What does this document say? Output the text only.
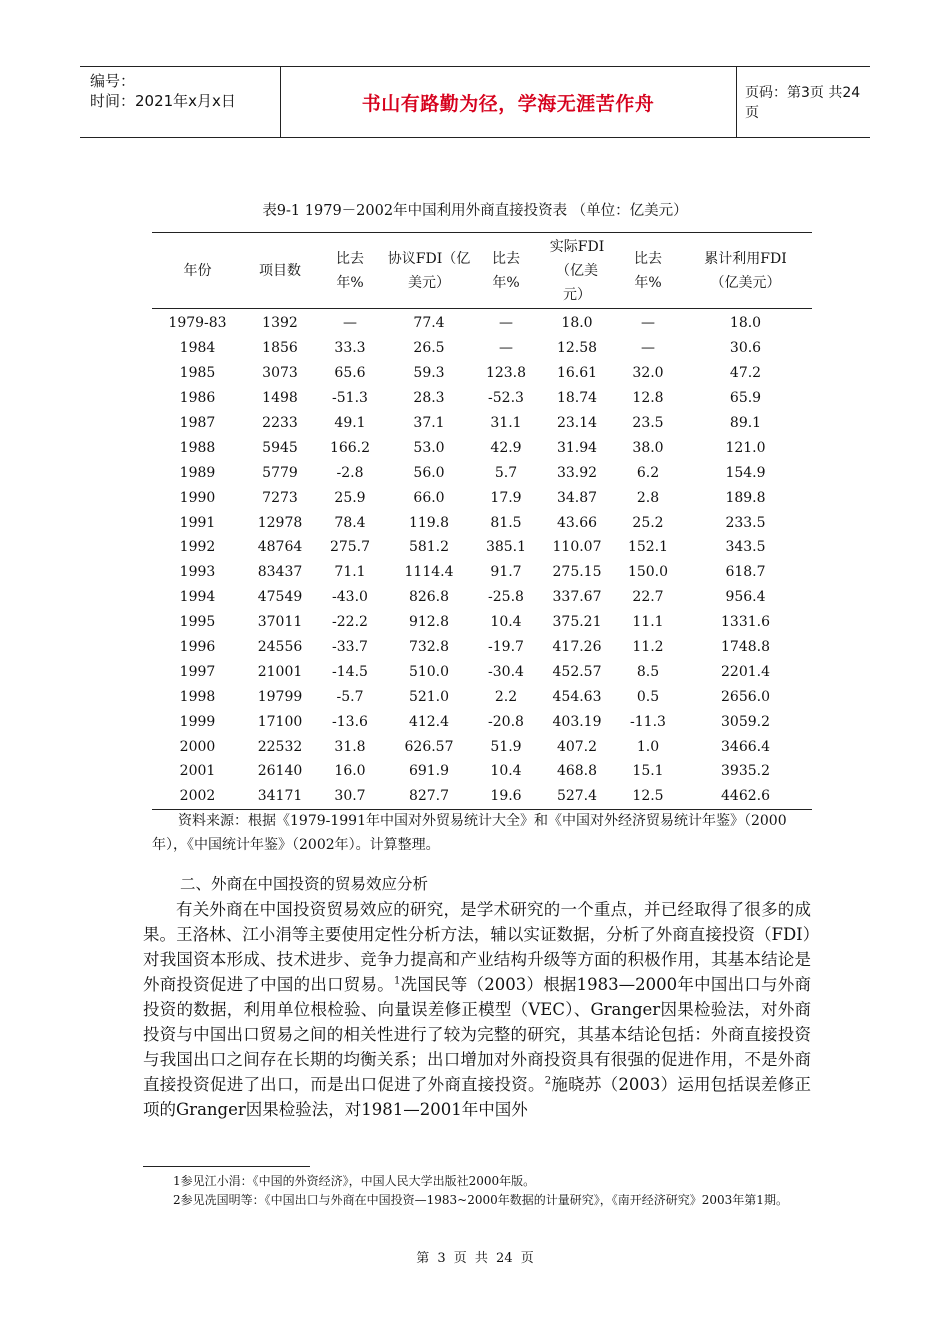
编号：
时间：2021年x月x日	书山有路勤为径，学海无涯苦作舟	页码：第3页 共24页
表9-1 1979－2002年中国利用外商直接投资表 （单位：亿美元）
年份	项目数	比去年%	协议FDI（亿美元）	比去年%	实际FDI（亿美元）	比去年%	累计利用FDI（亿美元）
1979-83	1392	—	77.4	—	18.0	—	18.0
1984	1856	33.3	26.5	—	12.58	—	30.6
1985	3073	65.6	59.3	123.8	16.61	32.0	47.2
1986	1498	-51.3	28.3	-52.3	18.74	12.8	65.9
1987	2233	49.1	37.1	31.1	23.14	23.5	89.1
1988	5945	166.2	53.0	42.9	31.94	38.0	121.0
1989	5779	-2.8	56.0	5.7	33.92	6.2	154.9
1990	7273	25.9	66.0	17.9	34.87	2.8	189.8
1991	12978	78.4	119.8	81.5	43.66	25.2	233.5
1992	48764	275.7	581.2	385.1	110.07	152.1	343.5
1993	83437	71.1	1114.4	91.7	275.15	150.0	618.7
1994	47549	-43.0	826.8	-25.8	337.67	22.7	956.4
1995	37011	-22.2	912.8	10.4	375.21	11.1	1331.6
1996	24556	-33.7	732.8	-19.7	417.26	11.2	1748.8
1997	21001	-14.5	510.0	-30.4	452.57	8.5	2201.4
1998	19799	-5.7	521.0	2.2	454.63	0.5	2656.0
1999	17100	-13.6	412.4	-20.8	403.19	-11.3	3059.2
2000	22532	31.8	626.57	51.9	407.2	1.0	3466.4
2001	26140	16.0	691.9	10.4	468.8	15.1	3935.2
2002	34171	30.7	827.7	19.6	527.4	12.5	4462.6
资料来源：根据《1979-1991年中国对外贸易统计大全》和《中国对外经济贸易统计年鉴》（2000年），《中国统计年鉴》（2002年）。计算整理。
二、外商在中国投资的贸易效应分析
有关外商在中国投资贸易效应的研究，是学术研究的一个重点，并已经取得了很多的成果。王洛林、江小涓等主要使用定性分析方法，辅以实证数据，分析了外商直接投资（FDI）对我国资本形成、技术进步、竞争力提高和产业结构升级等方面的积极作用，其基本结论是外商投资促进了中国的出口贸易。$^1$冼国民等（2003）根据1983—2000年中国出口与外商投资的数据，利用单位根检验、向量误差修正模型（VEC）、Granger因果检验法，对外商投资与中国出口贸易之间的相关性进行了较为完整的研究，其基本结论包括：外商直接投资与我国出口之间存在长期的均衡关系；出口增加对外商投资具有很强的促进作用，不是外商直接投资促进了出口，而是出口促进了外商直接投资。$^2$施晓苏（2003）运用包括误差修正项的Granger因果检验法，对1981—2001年中国外

1参见江小涓：《中国的外资经济》，中国人民大学出版社2000年版。

2参见冼国明等：《中国出口与外商在中国投资—1983~2000年数据的计量研究》，《南开经济研究》2003年第1期。

第 3 页 共 24 页
